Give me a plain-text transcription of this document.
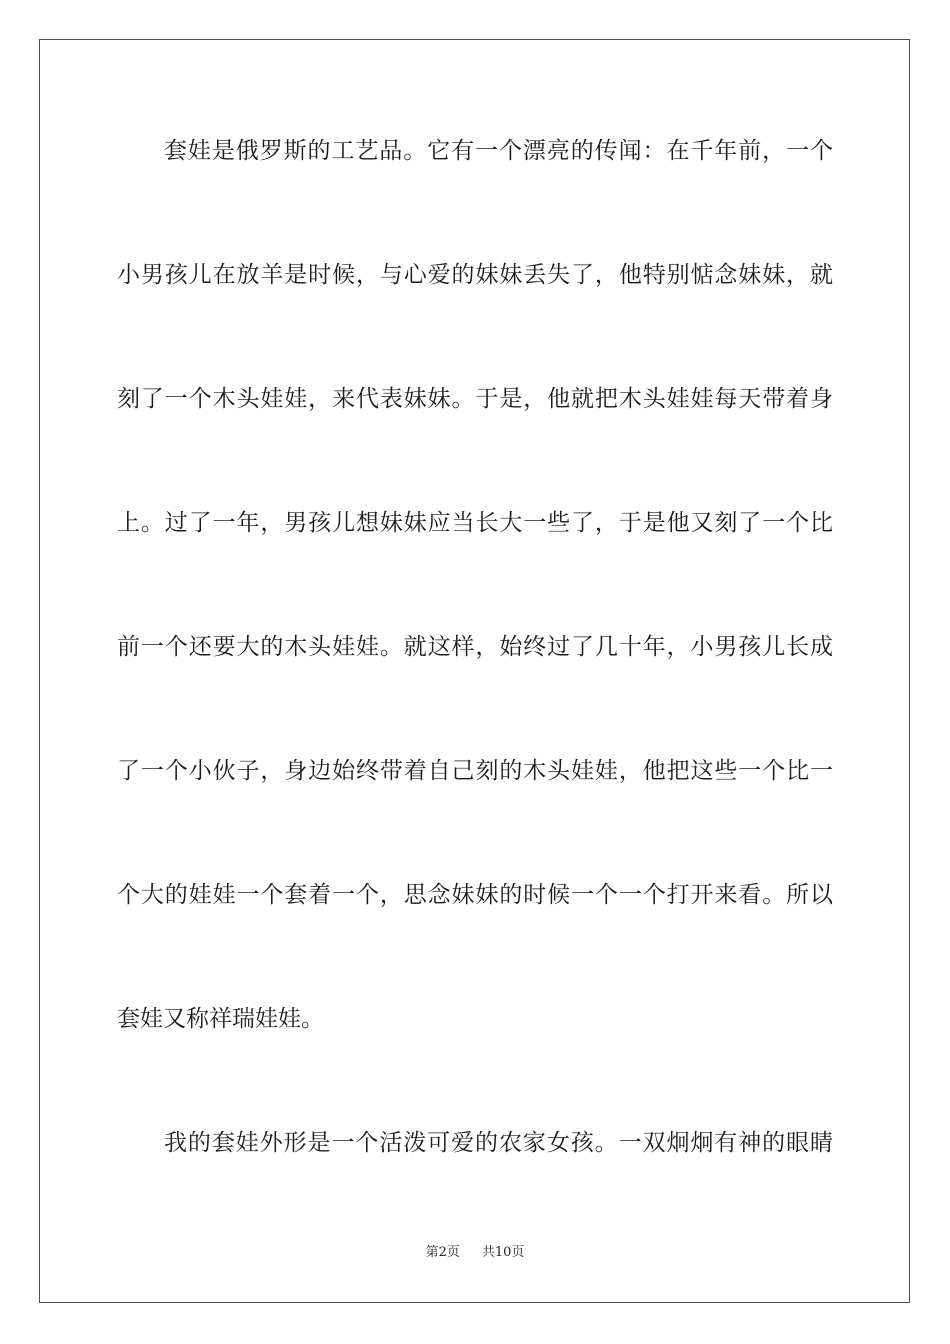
套娃是俄罗斯的工艺品。它有一个漂亮的传闻：在千年前，一个
小男孩儿在放羊是时候，与心爱的妹妹丢失了，他特别惦念妹妹，就
刻了一个木头娃娃，来代表妹妹。于是，他就把木头娃娃每天带着身
上。过了一年，男孩儿想妹妹应当长大一些了，于是他又刻了一个比
前一个还要大的木头娃娃。就这样，始终过了几十年，小男孩儿长成
了一个小伙子，身边始终带着自己刻的木头娃娃，他把这些一个比一
个大的娃娃一个套着一个，思念妹妹的时候一个一个打开来看。所以
套娃又称祥瑞娃娃。
我的套娃外形是一个活泼可爱的农家女孩。一双炯炯有神的眼睛
第2页 共10页
